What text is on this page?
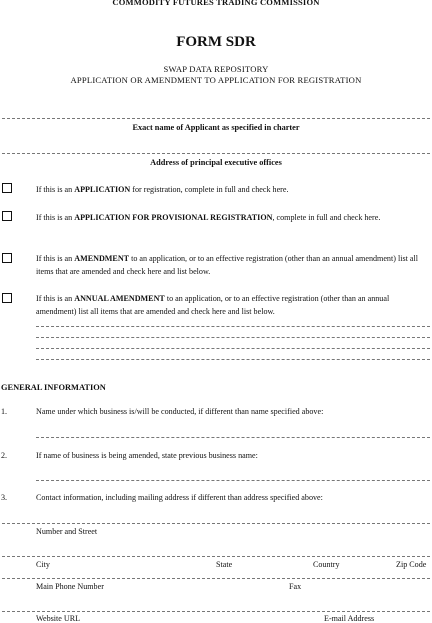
COMMODITY FUTURES TRADING COMMISSION
FORM SDR
SWAP DATA REPOSITORY
APPLICATION OR AMENDMENT TO APPLICATION FOR REGISTRATION
Exact name of Applicant as specified in charter
Address of principal executive offices
If this is an APPLICATION for registration, complete in full and check here.
If this is an APPLICATION FOR PROVISIONAL REGISTRATION, complete in full and check here.
If this is an AMENDMENT to an application, or to an effective registration (other than an annual amendment) list all items that are amended and check here and list below.
If this is an ANNUAL AMENDMENT to an application, or to an effective registration (other than an annual amendment) list all items that are amended and check here and list below.
GENERAL INFORMATION
1.	Name under which business is/will be conducted, if different than name specified above:
2.	If name of business is being amended, state previous business name:
3.	Contact information, including mailing address if different than address specified above:
Number and Street
City	State	Country	Zip Code
Main Phone Number	Fax
Website URL	E-mail Address
